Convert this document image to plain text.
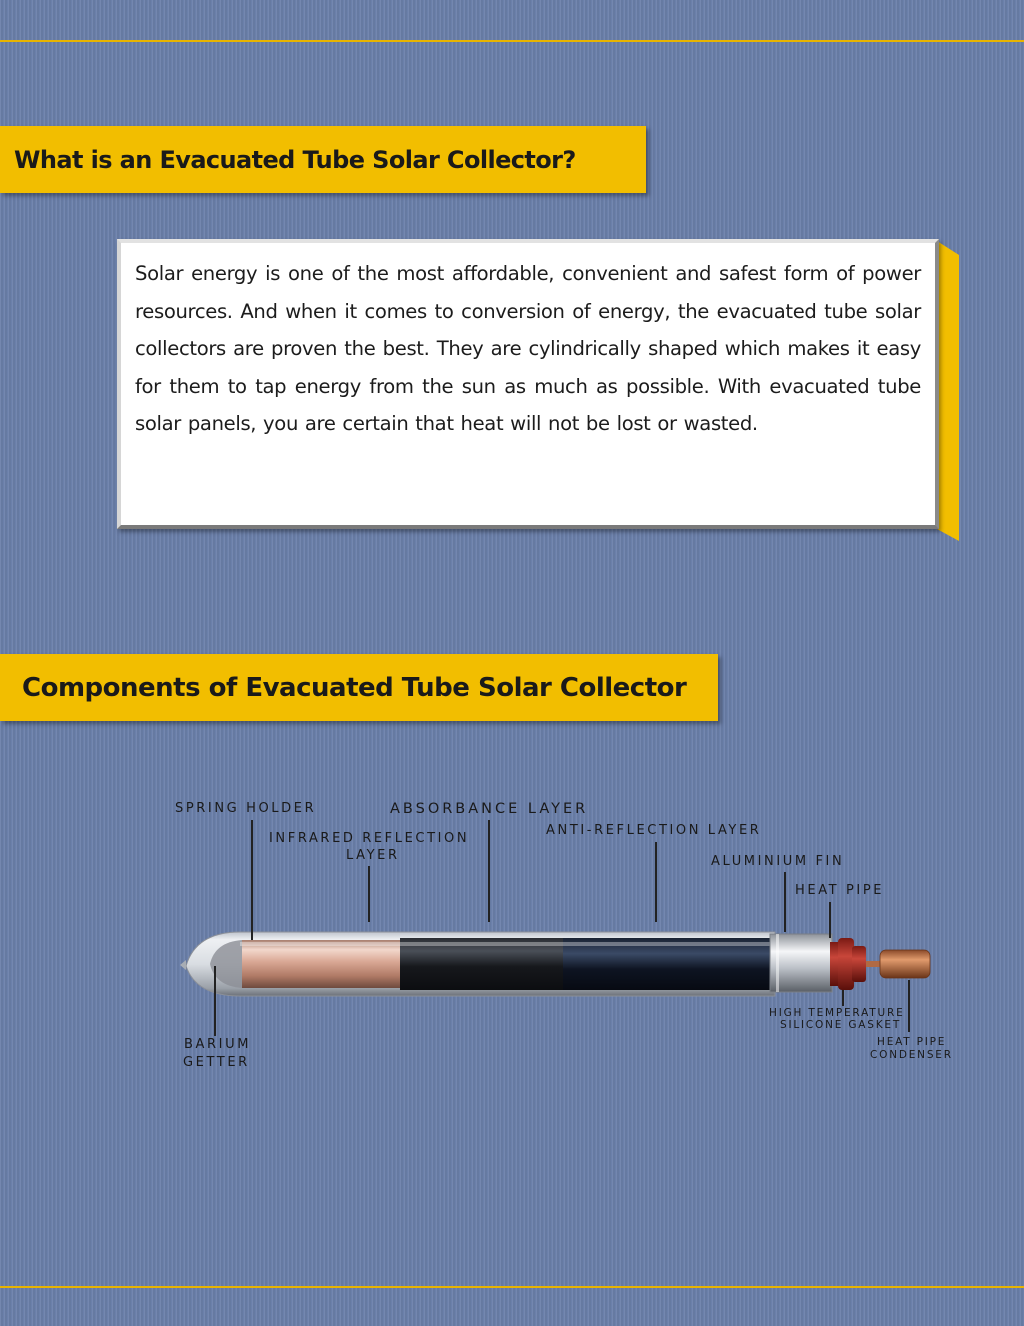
What is an Evacuated Tube Solar Collector?

Solar energy is one of the most affordable, convenient and safest form of power resources. And when it comes to conversion of energy, the evacuated tube solar collectors are proven the best. They are cylindrically shaped which makes it easy for them to tap energy from the sun as much as possible. With evacuated tube solar panels, you are certain that heat will not be lost or wasted.

Components of Evacuated Tube Solar Collector
SPRING HOLDER	ABSORBANCE LAYER
INFRARED REFLECTION
LAYER
ANTI-REFLECTION LAYER
ALUMINIUM FIN
HEAT PIPE
BARIUM
GETTER
HIGH TEMPERATURE
SILICONE GASKET
HEAT PIPE
CONDENSER
